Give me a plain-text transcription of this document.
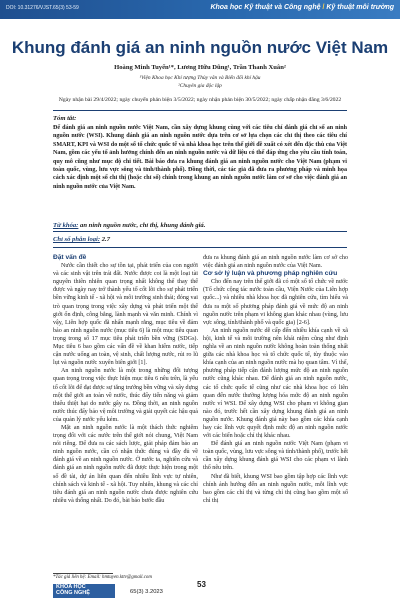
DOI: 10.31276/VJST.65(3) 53-59	Khoa học Kỹ thuật và Công nghệ / Kỹ thuật môi trường
Khung đánh giá an ninh nguồn nước Việt Nam
Hoàng Minh Tuyển¹*, Lương Hữu Dũng¹, Trần Thanh Xuân²
¹Viện Khoa học Khí tượng Thủy văn và Biến đổi khí hậu
²Chuyên gia độc lập
Ngày nhận bài 29/4/2022; ngày chuyển phản biện 3/5/2022; ngày nhận phản biện 30/5/2022; ngày chấp nhận đăng 3/6/2022
Tóm tắt:
Để đánh giá an ninh nguồn nước Việt Nam, cần xây dựng khung cùng với các tiêu chí đánh giá chỉ số an ninh nguồn nước (WSI). Khung đánh giá an ninh nguồn nước dựa trên cơ sở lựa chọn các chỉ thị theo các tiêu chí SMART, KPI và WSI do một số tổ chức quốc tế và nhà khoa học trên thế giới đề xuất có xét đến đặc thù của Việt Nam, gồm các yếu tố ảnh hưởng chính đến an ninh nguồn nước và dữ liệu có thể đáp ứng cho yêu cầu tính toán, quy mô cũng như mục độ chi tiết. Bài báo đưa ra khung đánh giá an ninh nguồn nước cho Việt Nam (phạm vi toàn quốc, vùng, lưu vực sông và tỉnh/thành phố). Đồng thời, các tác giả đã đưa ra phương pháp và minh họa cách xác định một số chỉ thị (hoặc chỉ số) chính trong khung an ninh nguồn nước làm cơ sở cho việc đánh giá an ninh nguồn nước của Việt Nam.
Từ khóa: an ninh nguồn nước, chỉ thị, khung đánh giá.
Chỉ số phân loại: 2.7

Đặt vấn đề

Nước cần thiết cho sự tồn tại, phát triển của con người và các sinh vật trên trái đất. Nước được coi là một loại tài nguyên thiên nhiên quan trọng nhất không thể thay thế được và ngày nay trở thành yếu tố cốt lõi cho sự phát triển bền vững kinh tế - xã hội và môi trường sinh thái; đóng vai trò quan trọng trong việc xây dựng và phát triển một thế giới ổn định, công bằng, lành mạnh và văn minh. Chính vì vậy, Liên hợp quốc đã nhấn mạnh rằng, mục tiêu về đảm bảo an ninh nguồn nước (mục tiêu 6) là một mục tiêu quan trọng trong số 17 mục tiêu phát triển bền vững (SDGs). Mục tiêu 6 bao gồm các vấn đề về khan hiếm nước, tiếp cận nước uống an toàn, vệ sinh, chất lượng nước, rủi ro lũ lụt và nguồn nước xuyên biên giới [1].

An ninh nguồn nước là một trong những đối tượng quan trọng trong việc thực hiện mục tiêu 6 nêu trên, là yếu tố cốt lõi để đạt được sự tăng trưởng bền vững và xây dựng một thế giới an toàn về nước, thúc đẩy tiến năng và giảm thiểu thiệt hại do nước gây ra. Đồng thời, an ninh nguồn nước thúc đẩy bảo vệ môi trường và giải quyết các hậu quả của quản lý nước yếu kém.

Mặt an ninh nguồn nước là một thách thức nghiêm trọng đối với các nước trên thế giới nói chung, Việt Nam nói riêng. Để đưa ra các sách lược, giải pháp đảm bảo an ninh nguồn nước, cần có nhận thức đúng và đầy đủ về đánh giá về an ninh nguồn nước. Ở nước ta, nghiên cứu và đánh giá an ninh nguồn nước đã được thực hiện trong một số đề tài, dự án liên quan đến nhiều lĩnh vực tự nhiên, chính sách và kinh tế - xã hội. Tuy nhiên, khung và các chỉ tiêu đánh giá an ninh nguồn nước chưa được nghiên cứu nhiều và thống nhất. Do đó, bài báo bước đầu

đưa ra khung đánh giá an ninh nguồn nước làm cơ sở cho việc đánh giá an ninh nguồn nước của Việt Nam.

Cơ sở lý luận và phương pháp nghiên cứu

Cho đến nay trên thế giới đã có một số tổ chức về nước (Tổ chức cộng tác nước toàn cầu, Viện Nước của Liên hợp quốc...) và nhiều nhà khoa học đã nghiên cứu, tìm hiểu và đưa ra một số phương pháp đánh giá về mức độ an ninh nguồn nước trên phạm vi không gian khác nhau (vùng, lưu vực sông, tỉnh/thành phố và quốc gia) [2-6].

An ninh nguồn nước dễ cấp đến nhiều khía cạnh về xã hội, kinh tế và môi trường nên khái niệm cũng như định nghĩa về an ninh nguồn nước không hoàn toàn thống nhất giữa các nhà khoa học và tổ chức quốc tế, tùy thuộc vào khía cạnh của an ninh nguồn nước mà họ quan tâm. Vì thế, phương pháp tiếp cận đánh lượng mức độ an ninh nguồn nước cũng khác nhau. Để đánh giá an ninh nguồn nước, các tổ chức quốc tế cũng như các nhà khoa học có liên quan đến nước thường lượng hóa mức độ an ninh nguồn nước ví WSI. Để xây dựng WSI cho phạm vi không gian nào đó, trước hết cần xây dựng khung đánh giá an ninh nguồn nước. Khung đánh giá này bao gồm các khía cạnh hay các lĩnh vực quyết định mức độ an ninh nguồn nước với các biến hoặc chỉ thị khác nhau.

Để đánh giá an ninh nguồn nước Việt Nam (phạm vi toàn quốc, vùng, lưu vực sông và tỉnh/thành phố), trước hết cần xây dựng khung đánh giá WSI cho các phạm vi lãnh thổ nêu trên.

Như đã biết, khung WSI bao gồm tập hợp các lĩnh vực chính ảnh hưởng đến an ninh nguồn nước, mỗi lĩnh vực bao gồm các chỉ thị và từng chỉ thị cũng bao gồm một số chỉ thị

*Tác giả liên hệ: Email: hmtuyen.kttv@gmail.com
KHOA HỌC
CÔNG NGHỆ	65(3) 3.2023
53
